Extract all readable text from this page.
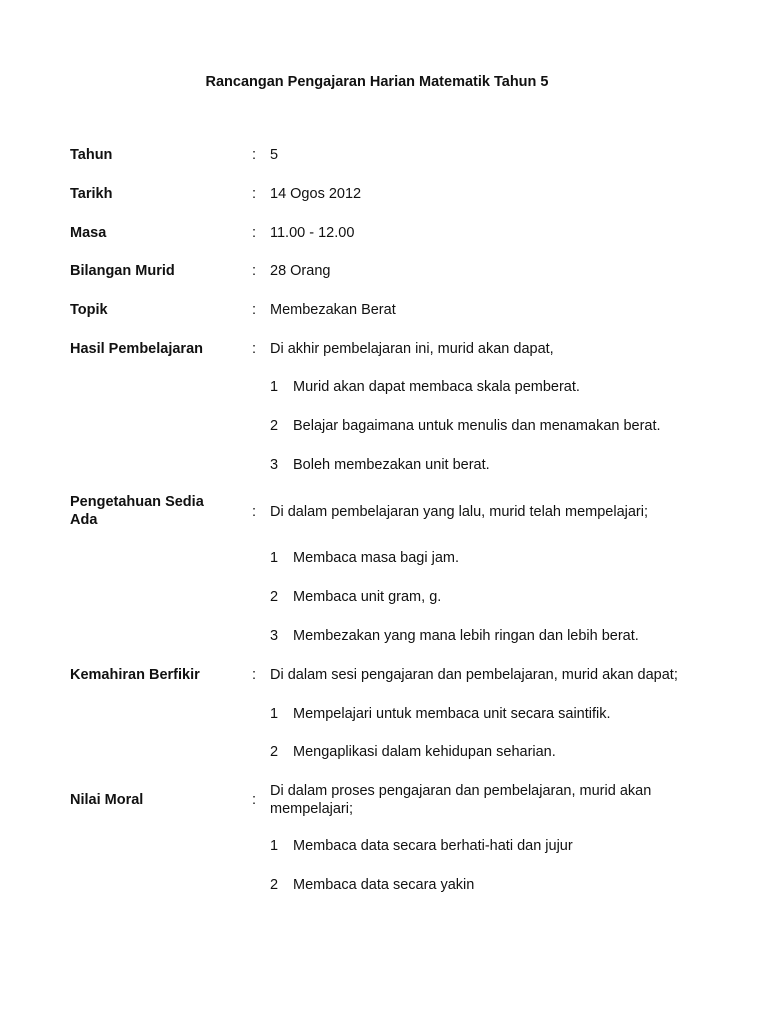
Rancangan Pengajaran Harian Matematik Tahun 5
Tahun	: 5
Tarikh	: 14 Ogos 2012
Masa	: 11.00 - 12.00
Bilangan Murid	: 28 Orang
Topik	: Membezakan Berat
Hasil Pembelajaran	: Di akhir pembelajaran ini, murid akan dapat,
1 Murid akan dapat membaca skala pemberat.
2 Belajar bagaimana untuk menulis dan menamakan berat.
3 Boleh membezakan unit berat.
Pengetahuan Sedia
Ada	: Di dalam pembelajaran yang lalu, murid telah mempelajari;
1 Membaca masa bagi jam.
2 Membaca unit gram, g.
3 Membezakan yang mana lebih ringan dan lebih berat.
Kemahiran Berfikir	: Di dalam sesi pengajaran dan pembelajaran, murid akan dapat;
1 Mempelajari untuk membaca unit secara saintifik.
2 Mengaplikasi dalam kehidupan seharian.
Nilai Moral	:
Di dalam proses pengajaran dan pembelajaran, murid akan
mempelajari;
1 Membaca data secara berhati-hati dan jujur
2 Membaca data secara yakin
